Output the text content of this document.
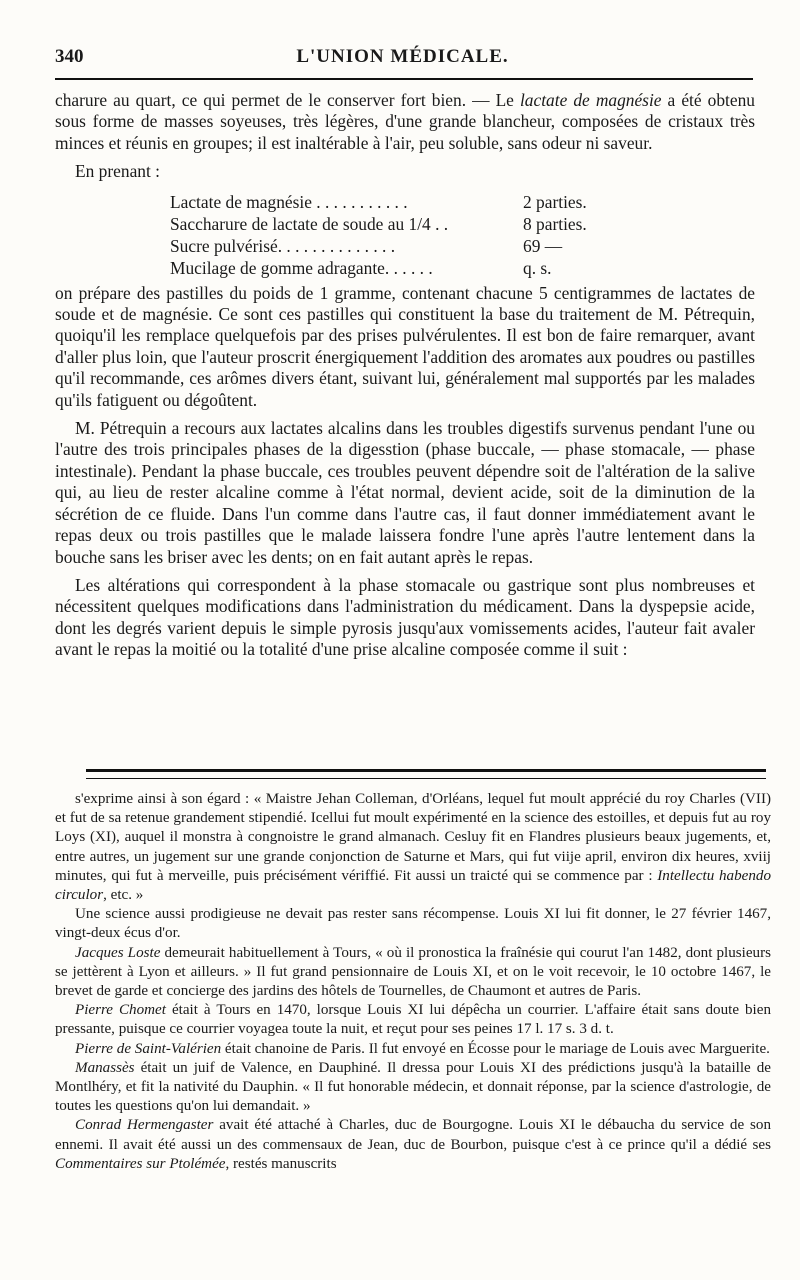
340	L'UNION MÉDICALE.

charure au quart, ce qui permet de le conserver fort bien. — Le lactate de magnésie a été obtenu sous forme de masses soyeuses, très légères, d'une grande blancheur, composées de cristaux très minces et réunis en groupes; il est inaltérable à l'air, peu soluble, sans odeur ni saveur.

En prenant :

Lactate de magnésie . . . . . . . . . . .	2 parties.
Saccharure de lactate de soude au 1/4 . .	8 parties.
Sucre pulvérisé. . . . . . . . . . . . . .	69 —
Mucilage de gomme adragante. . . . . .	q. s.

on prépare des pastilles du poids de 1 gramme, contenant chacune 5 centigrammes de lactates de soude et de magnésie. Ce sont ces pastilles qui constituent la base du traitement de M. Pétrequin, quoiqu'il les remplace quelquefois par des prises pulvérulentes. Il est bon de faire remarquer, avant d'aller plus loin, que l'auteur proscrit énergiquement l'addition des aromates aux poudres ou pastilles qu'il recommande, ces arômes divers étant, suivant lui, généralement mal supportés par les malades qu'ils fatiguent ou dégoûtent.

M. Pétrequin a recours aux lactates alcalins dans les troubles digestifs survenus pendant l'une ou l'autre des trois principales phases de la digesstion (phase buccale, — phase stomacale, — phase intestinale). Pendant la phase buccale, ces troubles peuvent dépendre soit de l'altération de la salive qui, au lieu de rester alcaline comme à l'état normal, devient acide, soit de la diminution de la sécrétion de ce fluide. Dans l'un comme dans l'autre cas, il faut donner immédiatement avant le repas deux ou trois pastilles que le malade laissera fondre l'une après l'autre lentement dans la bouche sans les briser avec les dents; on en fait autant après le repas.

Les altérations qui correspondent à la phase stomacale ou gastrique sont plus nombreuses et nécessitent quelques modifications dans l'administration du médicament. Dans la dyspepsie acide, dont les degrés varient depuis le simple pyrosis jusqu'aux vomissements acides, l'auteur fait avaler avant le repas la moitié ou la totalité d'une prise alcaline composée comme il suit :

s'exprime ainsi à son égard : « Maistre Jehan Colleman, d'Orléans, lequel fut moult apprécié du roy Charles (VII) et fut de sa retenue grandement stipendié. Icellui fut moult expérimenté en la science des estoilles, et depuis fut au roy Loys (XI), auquel il monstra à congnoistre le grand almanach. Cesluy fit en Flandres plusieurs beaux jugements, et, entre autres, un jugement sur une grande conjonction de Saturne et Mars, qui fut viije april, environ dix heures, xviij minutes, qui fut à merveille, puis précisément vériffié. Fit aussi un traicté qui se commence par : Intellectu habendo circulor, etc. »

Une science aussi prodigieuse ne devait pas rester sans récompense. Louis XI lui fit donner, le 27 février 1467, vingt-deux écus d'or.

Jacques Loste demeurait habituellement à Tours, « où il pronostica la fraînésie qui courut l'an 1482, dont plusieurs se jettèrent à Lyon et ailleurs. » Il fut grand pensionnaire de Louis XI, et on le voit recevoir, le 10 octobre 1467, le brevet de garde et concierge des jardins des hôtels de Tournelles, de Chaumont et autres de Paris.

Pierre Chomet était à Tours en 1470, lorsque Louis XI lui dépêcha un courrier. L'affaire était sans doute bien pressante, puisque ce courrier voyagea toute la nuit, et reçut pour ses peines 17 l. 17 s. 3 d. t.

Pierre de Saint-Valérien était chanoine de Paris. Il fut envoyé en Écosse pour le mariage de Louis avec Marguerite.

Manassès était un juif de Valence, en Dauphiné. Il dressa pour Louis XI des prédictions jusqu'à la bataille de Montlhéry, et fit la nativité du Dauphin. « Il fut honorable médecin, et donnait réponse, par la science d'astrologie, de toutes les questions qu'on lui demandait. »

Conrad Hermengaster avait été attaché à Charles, duc de Bourgogne. Louis XI le débaucha du service de son ennemi. Il avait été aussi un des commensaux de Jean, duc de Bourbon, puisque c'est à ce prince qu'il a dédié ses Commentaires sur Ptolémée, restés manuscrits
